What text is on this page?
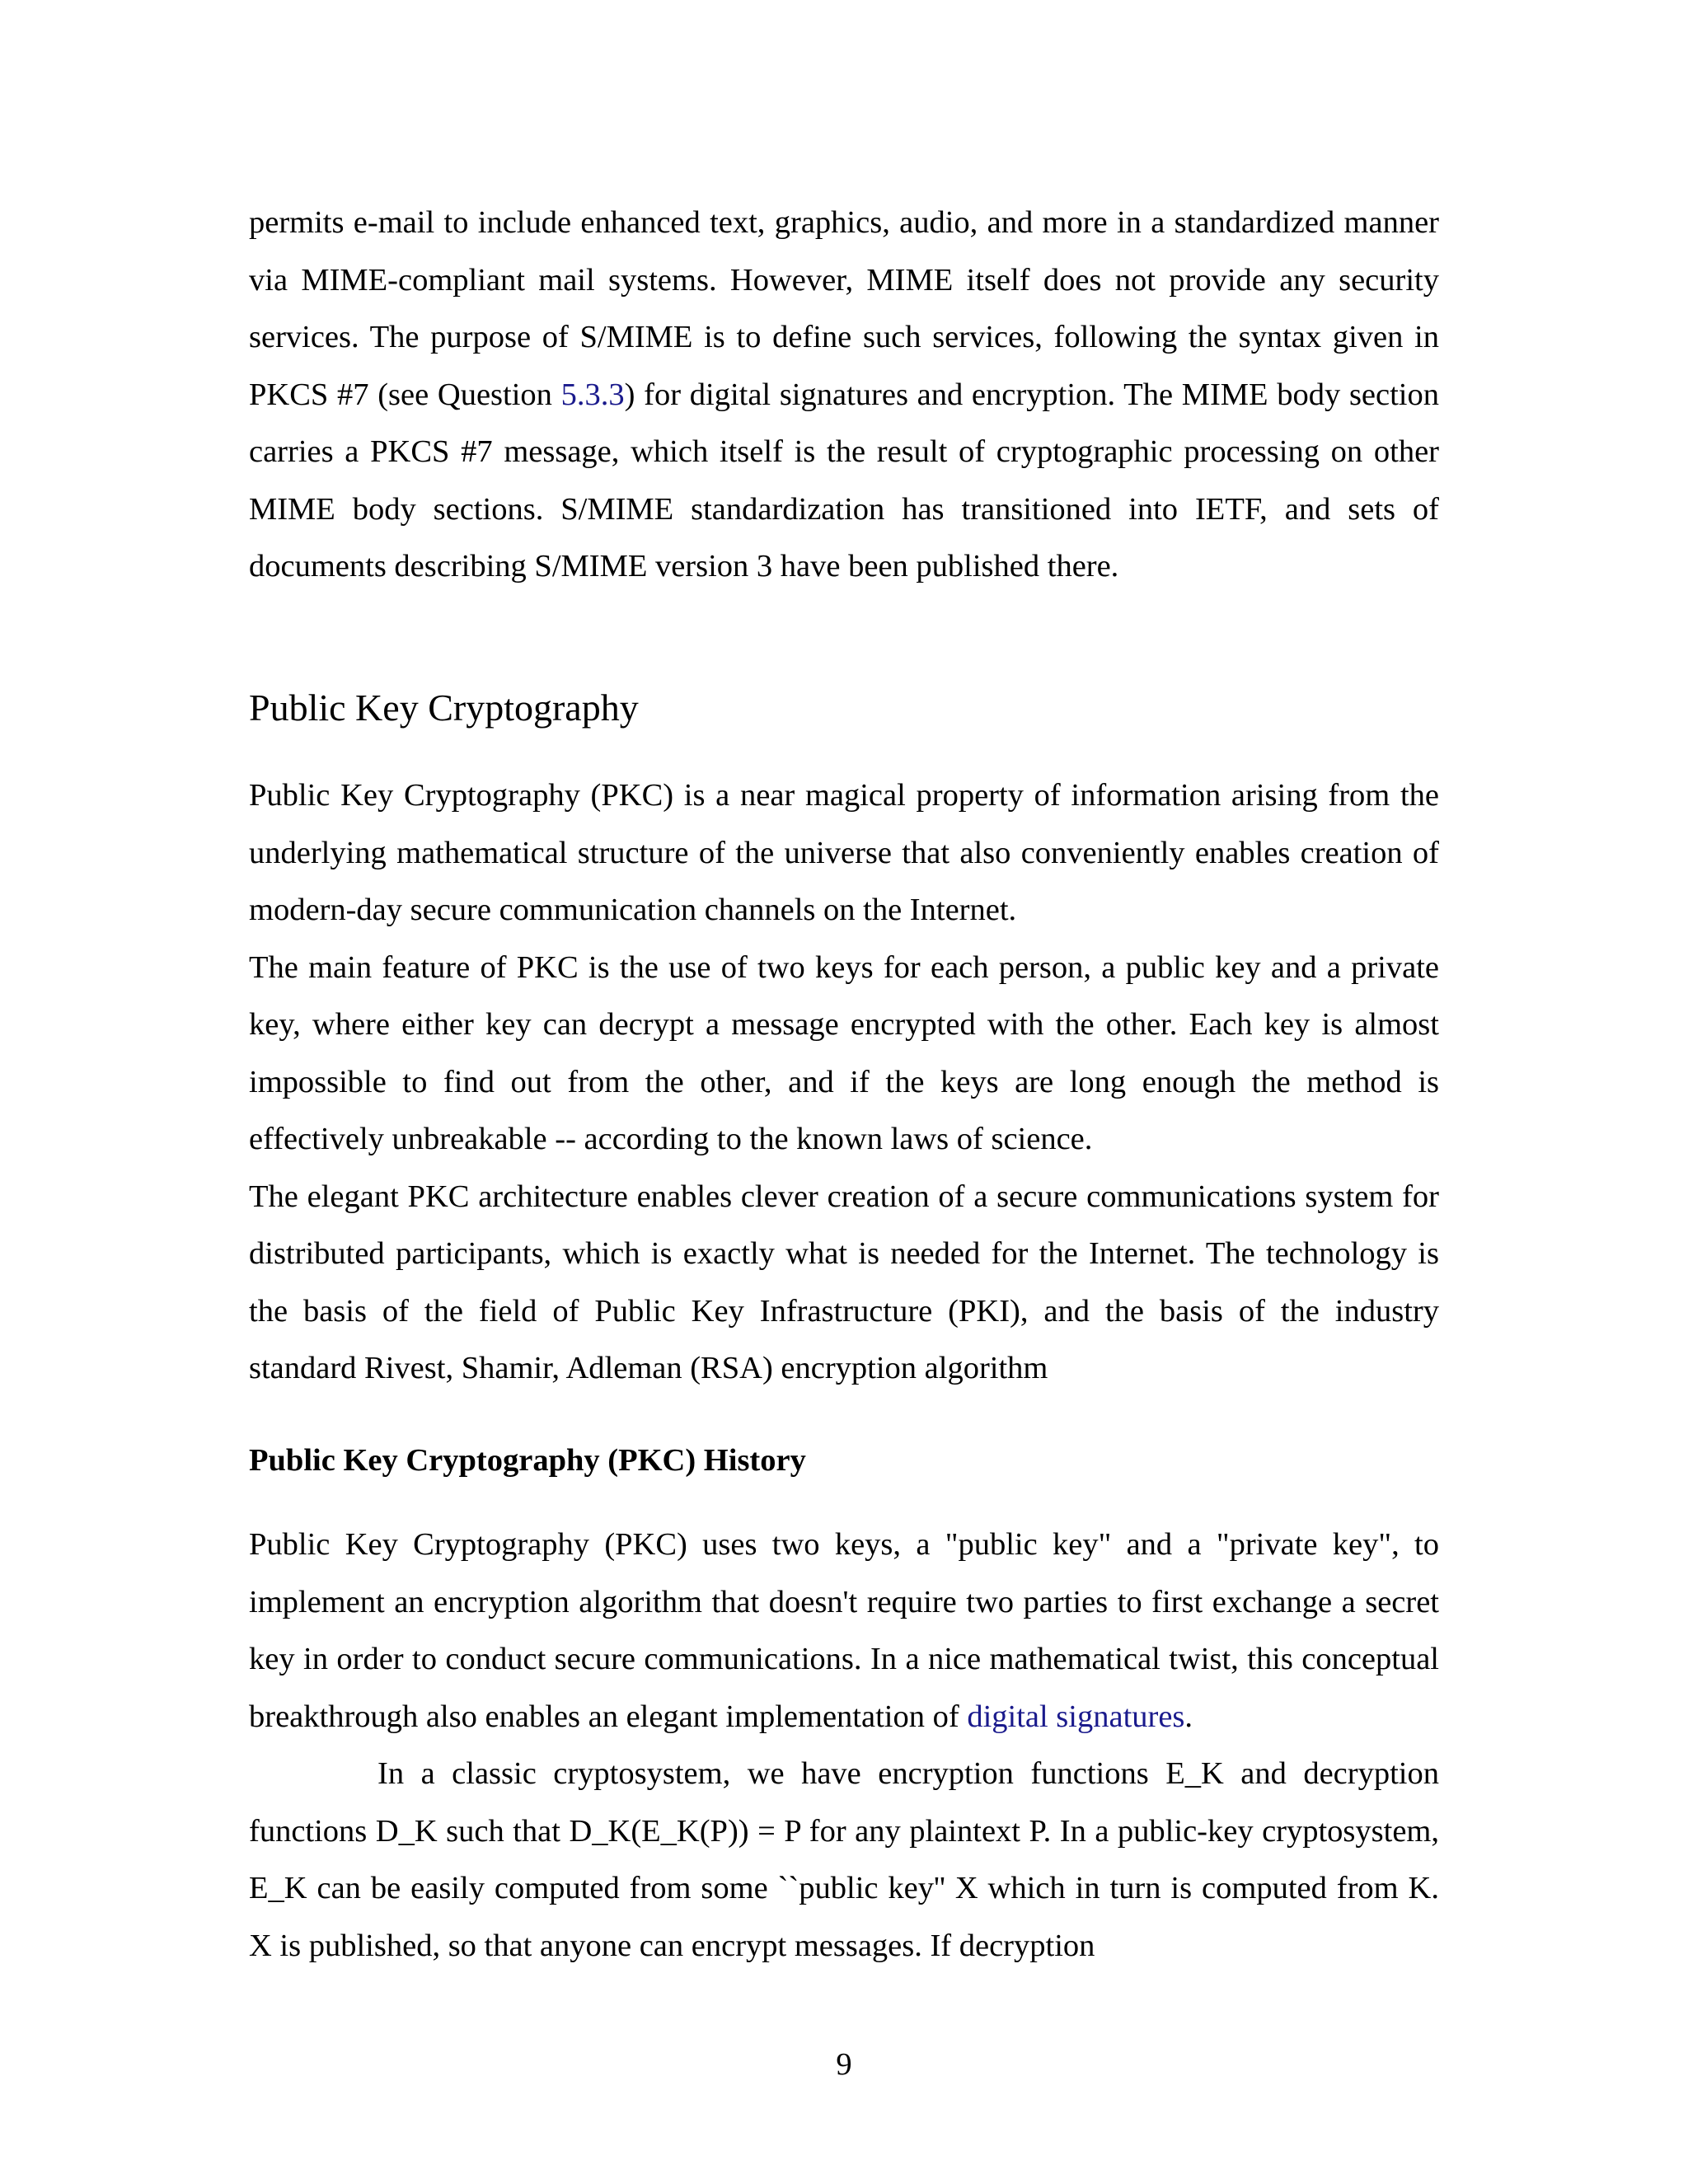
permits e-mail to include enhanced text, graphics, audio, and more in a standardized manner via MIME-compliant mail systems. However, MIME itself does not provide any security services. The purpose of S/MIME is to define such services, following the syntax given in PKCS #7 (see Question 5.3.3) for digital signatures and encryption. The MIME body section carries a PKCS #7 message, which itself is the result of cryptographic processing on other MIME body sections. S/MIME standardization has transitioned into IETF, and sets of documents describing S/MIME version 3 have been published there.

Public Key Cryptography

Public Key Cryptography (PKC) is a near magical property of information arising from the underlying mathematical structure of the universe that also conveniently enables creation of modern-day secure communication channels on the Internet.

The main feature of PKC is the use of two keys for each person, a public key and a private key, where either key can decrypt a message encrypted with the other. Each key is almost impossible to find out from the other, and if the keys are long enough the method is effectively unbreakable -- according to the known laws of science.

The elegant PKC architecture enables clever creation of a secure communications system for distributed participants, which is exactly what is needed for the Internet. The technology is the basis of the field of Public Key Infrastructure (PKI), and the basis of the industry standard Rivest, Shamir, Adleman (RSA) encryption algorithm

Public Key Cryptography (PKC) History

Public Key Cryptography (PKC) uses two keys, a "public key" and a "private key", to implement an encryption algorithm that doesn't require two parties to first exchange a secret key in order to conduct secure communications. In a nice mathematical twist, this conceptual breakthrough also enables an elegant implementation of digital signatures.

In a classic cryptosystem, we have encryption functions E_K and decryption functions D_K such that D_K(E_K(P)) = P for any plaintext P. In a public-key cryptosystem, E_K can be easily computed from some ``public key'' X which in turn is computed from K. X is published, so that anyone can encrypt messages. If decryption

9
